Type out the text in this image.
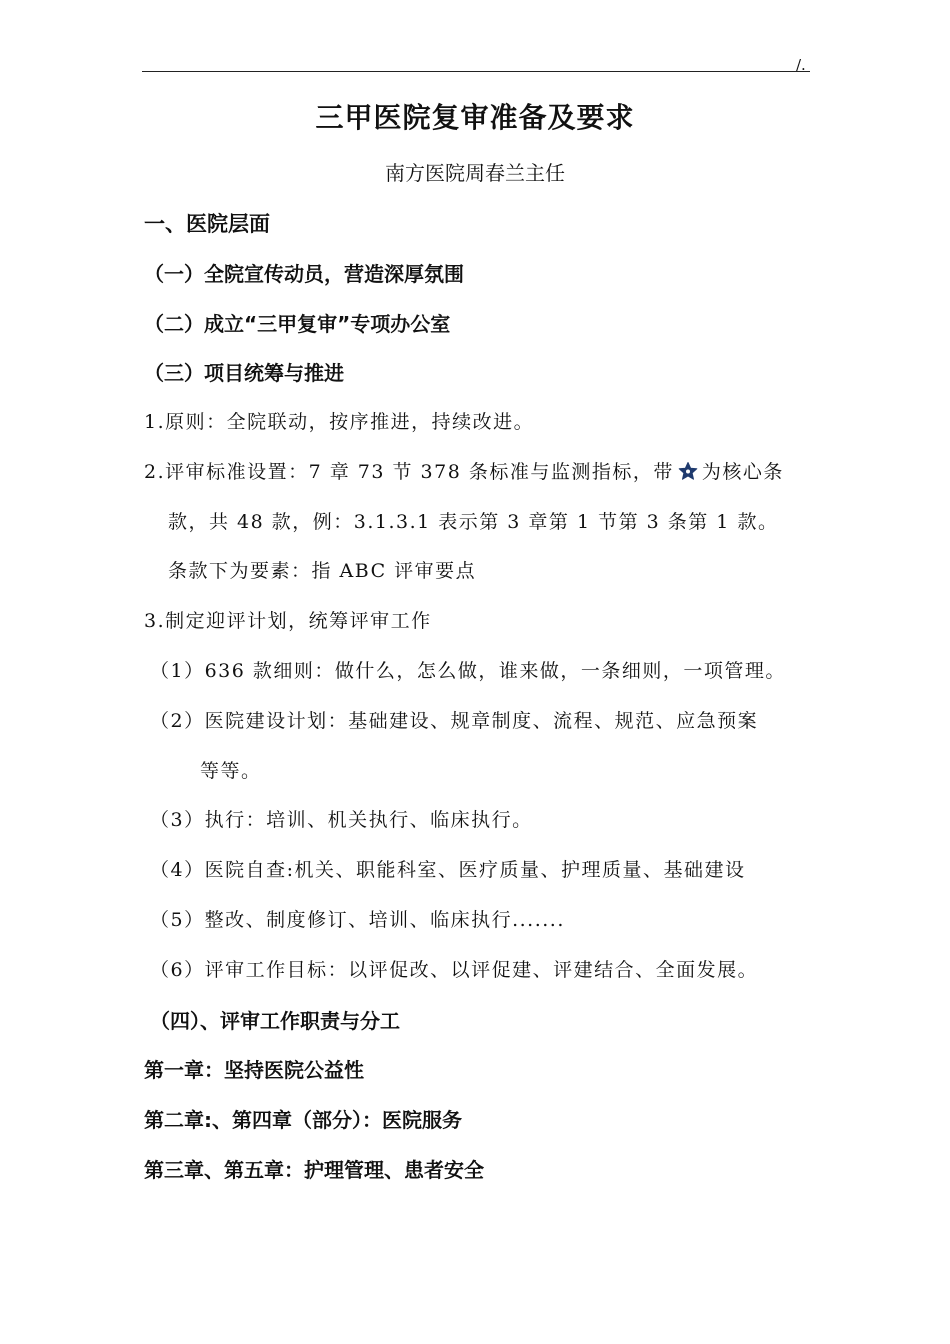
/.
三甲医院复审准备及要求
南方医院周春兰主任
一、医院层面
（一）全院宣传动员，营造深厚氛围
（二）成立“三甲复审”专项办公室
（三）项目统筹与推进
1.原则：全院联动，按序推进，持续改进。
2.评审标准设置：7 章 73 节 378 条标准与监测指标，带 为核心条
款，共 48 款，例：3.1.3.1 表示第 3 章第 1 节第 3 条第 1 款。
条款下为要素：指 ABC 评审要点
3.制定迎评计划，统筹评审工作
（1）636 款细则：做什么，怎么做，谁来做，一条细则，一项管理。
（2）医院建设计划：基础建设、规章制度、流程、规范、应急预案
等等。
（3）执行：培训、机关执行、临床执行。
（4）医院自查:机关、职能科室、医疗质量、护理质量、基础建设
（5）整改、制度修订、培训、临床执行.......
（6）评审工作目标：以评促改、以评促建、评建结合、全面发展。
（四）、评审工作职责与分工
第一章：坚持医院公益性
第二章:、第四章（部分）：医院服务
第三章、第五章：护理管理、患者安全
